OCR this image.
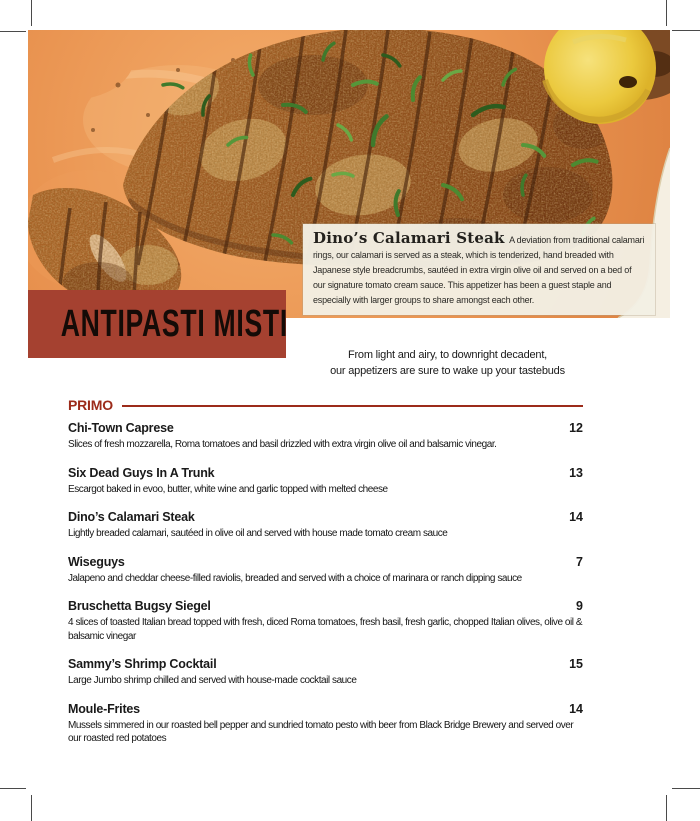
Dino’s Calamari Steak A deviation from traditional calamari rings, our calamari is served as a steak, which is tenderized, hand breaded with Japanese style breadcrumbs, sautéed in extra virgin olive oil and served on a bed of our signature tomato cream sauce. This appetizer has been a guest staple and especially with larger groups to share amongst each other.

ANTIPASTI MISTI
From light and airy, to downright decadent,
our appetizers are sure to wake up your tastebuds
PRIMO
Chi-Town Caprese	12
Slices of fresh mozzarella, Roma tomatoes and basil drizzled with extra virgin olive oil and balsamic vinegar.
Six Dead Guys In A Trunk	13
Escargot baked in evoo, butter, white wine and garlic topped with melted cheese
Dino’s Calamari Steak	14
Lightly breaded calamari, sautéed in olive oil and served with house made tomato cream sauce
Wiseguys	7
Jalapeno and cheddar cheese-filled raviolis, breaded and served with a choice of marinara or ranch dipping sauce
Bruschetta Bugsy Siegel	9
4 slices of toasted Italian bread topped with fresh, diced Roma tomatoes, fresh basil, fresh garlic, chopped Italian olives, olive oil & balsamic vinegar
Sammy’s Shrimp Cocktail	15
Large Jumbo shrimp chilled and served with house-made cocktail sauce
Moule-Frites	14
Mussels simmered in our roasted bell pepper and sundried tomato pesto with beer from Black Bridge Brewery and served over our roasted red potatoes
